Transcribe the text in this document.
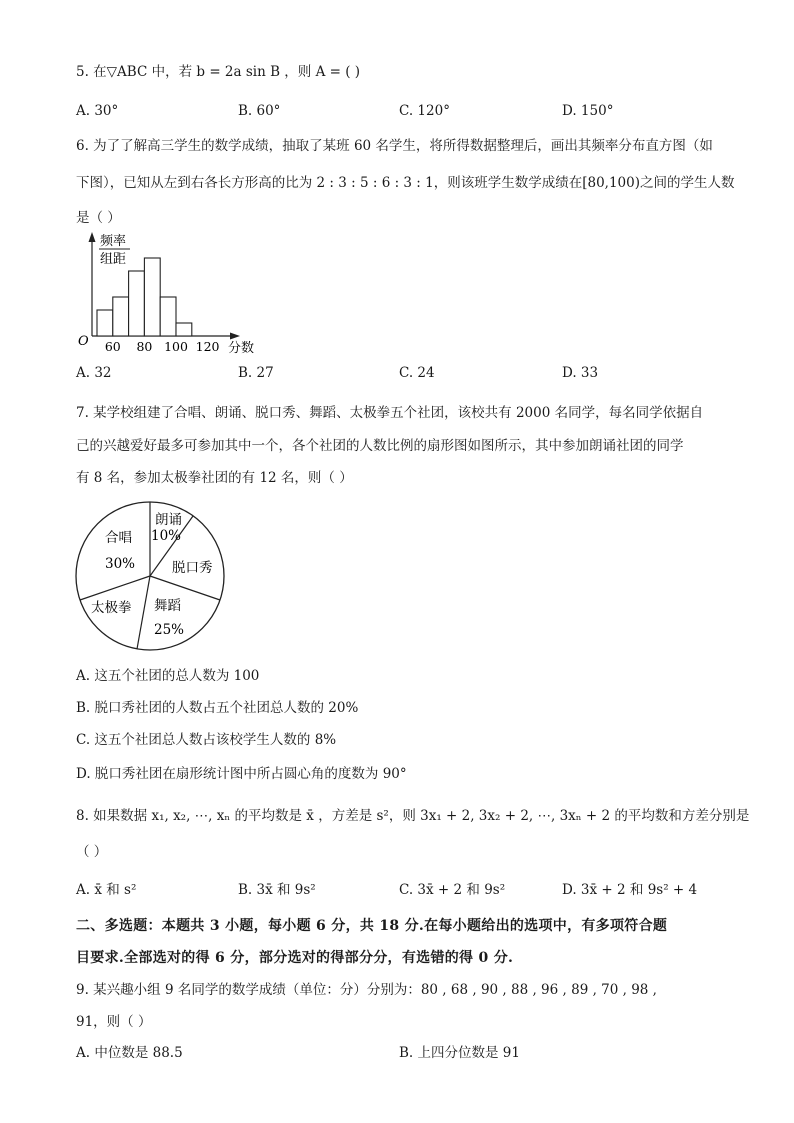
5. 在▽ABC 中，若 b = 2a sin B ，则 A = ( )
A. 30°	B. 60°	C. 120°	D. 150°
6. 为了了解高三学生的数学成绩，抽取了某班 60 名学生，将所得数据整理后，画出其频率分布直方图（如
下图），已知从左到右各长方形高的比为 2 : 3 : 5 : 6 : 3 : 1，则该班学生数学成绩在[80,100)之间的学生人数
是（ ）
频率
组距
O 60 80 100 120 分数
A. 32	B. 27	C. 24	D. 33
7. 某学校组建了合唱、朗诵、脱口秀、舞蹈、太极拳五个社团，该校共有 2000 名同学，每名同学依据自
己的兴越爱好最多可参加其中一个，各个社团的人数比例的扇形图如图所示，其中参加朗诵社团的同学
有 8 名，参加太极拳社团的有 12 名，则（ ）
合唱
30%
朗诵
10%
脱口秀
舞蹈
25%
太极拳
A. 这五个社团的总人数为 100
B. 脱口秀社团的人数占五个社团总人数的 20%
C. 这五个社团总人数占该校学生人数的 8%
D. 脱口秀社团在扇形统计图中所占圆心角的度数为 90°
8. 如果数据 x₁, x₂, ⋯, xₙ 的平均数是 x̄ ，方差是 s²，则 3x₁ + 2, 3x₂ + 2, ⋯, 3xₙ + 2 的平均数和方差分别是
（ ）
A. x̄ 和 s²	B. 3x̄ 和 9s²	C. 3x̄ + 2 和 9s²	D. 3x̄ + 2 和 9s² + 4
二、多选题：本题共 3 小题，每小题 6 分，共 18 分.在每小题给出的选项中，有多项符合题
目要求.全部选对的得 6 分，部分选对的得部分分，有选错的得 0 分.
9. 某兴趣小组 9 名同学的数学成绩（单位：分）分别为：80 , 68 , 90 , 88 , 96 , 89 , 70 , 98 ,
91，则（ ）
A. 中位数是 88.5	B. 上四分位数是 91
